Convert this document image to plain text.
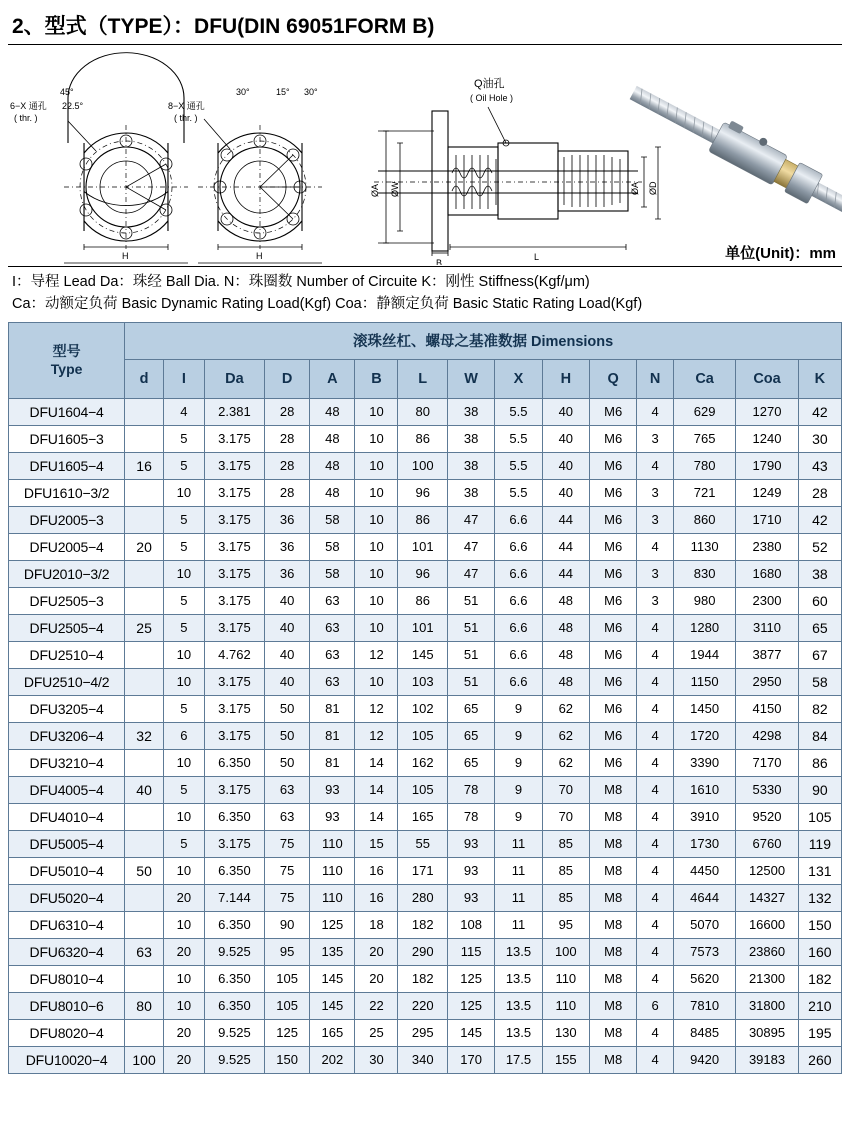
2、型式（TYPE）：DFU(DIN 69051FORM B)
6−X 通孔
( thr. )
45°
22.5°
H
8−X 通孔
( thr. )
30°	15° 30°
H
Q油孔
( Oil Hole )
ØA ØW	ØA ØD
B
L	单位(Unit)：mm
I：导程 Lead Da：珠经 Ball Dia. N：珠圈数 Number of Circuite K：刚性 Stiffness(Kgf/μm)
Ca：动额定负荷 Basic Dynamic Rating Load(Kgf) Coa：静额定负荷 Basic Static Rating Load(Kgf)
型号
Type	滚珠丝杠、螺母之基准数据 Dimensions														
	d	I	Da	D	A	B	L	W	X	H	Q	N	Ca	Coa	K
DFU1604−4		4	2.381	28	48	10	80	38	5.5	40	M6	4	629	1270	42
DFU1605−3		5	3.175	28	48	10	86	38	5.5	40	M6	3	765	1240	30
DFU1605−4	16	5	3.175	28	48	10	100	38	5.5	40	M6	4	780	1790	43
DFU1610−3/2		10	3.175	28	48	10	96	38	5.5	40	M6	3	721	1249	28
DFU2005−3		5	3.175	36	58	10	86	47	6.6	44	M6	3	860	1710	42
DFU2005−4	20	5	3.175	36	58	10	101	47	6.6	44	M6	4	1130	2380	52
DFU2010−3/2		10	3.175	36	58	10	96	47	6.6	44	M6	3	830	1680	38
DFU2505−3		5	3.175	40	63	10	86	51	6.6	48	M6	3	980	2300	60
DFU2505−4	25	5	3.175	40	63	10	101	51	6.6	48	M6	4	1280	3110	65
DFU2510−4		10	4.762	40	63	12	145	51	6.6	48	M6	4	1944	3877	67
DFU2510−4/2		10	3.175	40	63	10	103	51	6.6	48	M6	4	1150	2950	58
DFU3205−4		5	3.175	50	81	12	102	65	9	62	M6	4	1450	4150	82
DFU3206−4	32	6	3.175	50	81	12	105	65	9	62	M6	4	1720	4298	84
DFU3210−4		10	6.350	50	81	14	162	65	9	62	M6	4	3390	7170	86
DFU4005−4	40	5	3.175	63	93	14	105	78	9	70	M8	4	1610	5330	90
DFU4010−4		10	6.350	63	93	14	165	78	9	70	M8	4	3910	9520	105
DFU5005−4		5	3.175	75	110	15	55	93	11	85	M8	4	1730	6760	119
DFU5010−4	50	10	6.350	75	110	16	171	93	11	85	M8	4	4450	12500	131
DFU5020−4		20	7.144	75	110	16	280	93	11	85	M8	4	4644	14327	132
DFU6310−4		10	6.350	90	125	18	182	108	11	95	M8	4	5070	16600	150
DFU6320−4	63	20	9.525	95	135	20	290	115	13.5	100	M8	4	7573	23860	160
DFU8010−4		10	6.350	105	145	20	182	125	13.5	110	M8	4	5620	21300	182
DFU8010−6	80	10	6.350	105	145	22	220	125	13.5	110	M8	6	7810	31800	210
DFU8020−4		20	9.525	125	165	25	295	145	13.5	130	M8	4	8485	30895	195
DFU10020−4	100	20	9.525	150	202	30	340	170	17.5	155	M8	4	9420	39183	260
